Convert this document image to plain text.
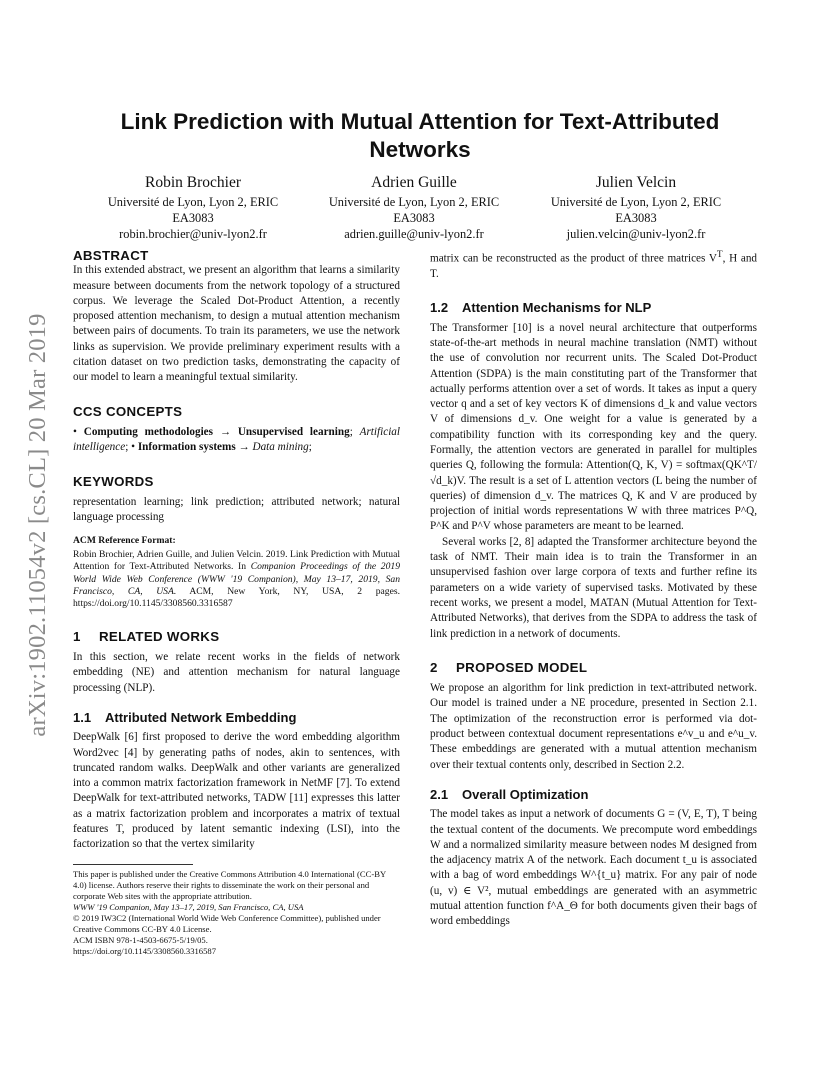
arXiv:1902.11054v2 [cs.CL] 20 Mar 2019
Link Prediction with Mutual Attention for Text-Attributed Networks
Robin Brochier
Université de Lyon, Lyon 2, ERIC
EA3083
robin.brochier@univ-lyon2.fr
Adrien Guille
Université de Lyon, Lyon 2, ERIC
EA3083
adrien.guille@univ-lyon2.fr
Julien Velcin
Université de Lyon, Lyon 2, ERIC
EA3083
julien.velcin@univ-lyon2.fr
ABSTRACT

In this extended abstract, we present an algorithm that learns a similarity measure between documents from the network topology of a structured corpus. We leverage the Scaled Dot-Product Attention, a recently proposed attention mechanism, to design a mutual attention mechanism between pairs of documents. To train its parameters, we use the network links as supervision. We provide preliminary experiment results with a citation dataset on two prediction tasks, demonstrating the capacity of our model to learn a meaningful textual similarity.

CCS CONCEPTS

• Computing methodologies → Unsupervised learning; Artificial intelligence; • Information systems → Data mining;

KEYWORDS

representation learning; link prediction; attributed network; natural language processing

ACM Reference Format:

Robin Brochier, Adrien Guille, and Julien Velcin. 2019. Link Prediction with Mutual Attention for Text-Attributed Networks. In Companion Proceedings of the 2019 World Wide Web Conference (WWW '19 Companion), May 13–17, 2019, San Francisco, CA, USA. ACM, New York, NY, USA, 2 pages. https://doi.org/10.1145/3308560.3316587

1 RELATED WORKS

In this section, we relate recent works in the fields of network embedding (NE) and attention mechanism for natural language processing (NLP).

1.1 Attributed Network Embedding

DeepWalk [6] first proposed to derive the word embedding algorithm Word2vec [4] by generating paths of nodes, akin to sentences, with truncated random walks. DeepWalk and other variants are generalized into a common matrix factorization framework in NetMF [7]. To extend DeepWalk for text-attributed networks, TADW [11] expresses this latter as a matrix factorization problem and incorporates a matrix of textual features T, produced by latent semantic indexing (LSI), into the factorization so that the vertex similarity

This paper is published under the Creative Commons Attribution 4.0 International (CC-BY 4.0) license. Authors reserve their rights to disseminate the work on their personal and corporate Web sites with the appropriate attribution.
WWW '19 Companion, May 13–17, 2019, San Francisco, CA, USA
© 2019 IW3C2 (International World Wide Web Conference Committee), published under Creative Commons CC-BY 4.0 License.
ACM ISBN 978-1-4503-6675-5/19/05.
https://doi.org/10.1145/3308560.3316587

matrix can be reconstructed as the product of three matrices $V^T$, H and T.

1.2 Attention Mechanisms for NLP

The Transformer [10] is a novel neural architecture that outperforms state-of-the-art methods in neural machine translation (NMT) without the use of convolution nor recurrent units. The Scaled Dot-Product Attention (SDPA) is the main constituting part of the Transformer that actually performs attention over a set of words. It takes as input a query vector q and a set of key vectors K of dimensions d_k and value vectors V of dimensions d_v. One weight for a value is generated by a compatibility function with its corresponding key and the query. Formally, the attention vectors are generated in parallel for multiples queries Q, following the formula: Attention(Q, K, V) = softmax(QK^T/√d_k)V. The result is a set of L attention vectors (L being the number of queries) of dimension d_v. The matrices Q, K and V are produced by projection of initial words representations W with three matrices P^Q, P^K and P^V whose parameters are meant to be learned.

Several works [2, 8] adapted the Transformer architecture beyond the task of NMT. Their main idea is to train the Transformer in an unsupervised fashion over large corpora of texts and further refine its parameters on a wide variety of supervised tasks. Motivated by these recent works, we present a model, MATAN (Mutual Attention for Text-Attributed Networks), that derives from the SDPA to address the task of link prediction in a network of documents.

2 PROPOSED MODEL

We propose an algorithm for link prediction in text-attributed network. Our model is trained under a NE procedure, presented in Section 2.1. The optimization of the reconstruction error is performed via dot-product between contextual document representations e^v_u and e^u_v. These embeddings are generated with a mutual attention mechanism over their textual contents only, described in Section 2.2.

2.1 Overall Optimization

The model takes as input a network of documents G = (V, E, T), T being the textual content of the documents. We precompute word embeddings W and a normalized similarity measure between nodes M designed from the adjacency matrix A of the network. Each document t_u is associated with a bag of word embeddings W^{t_u} matrix. For any pair of node (u, v) ∈ V², mutual embeddings are generated with an asymmetric mutual attention function f^A_Θ for both documents given their bags of word embeddings
